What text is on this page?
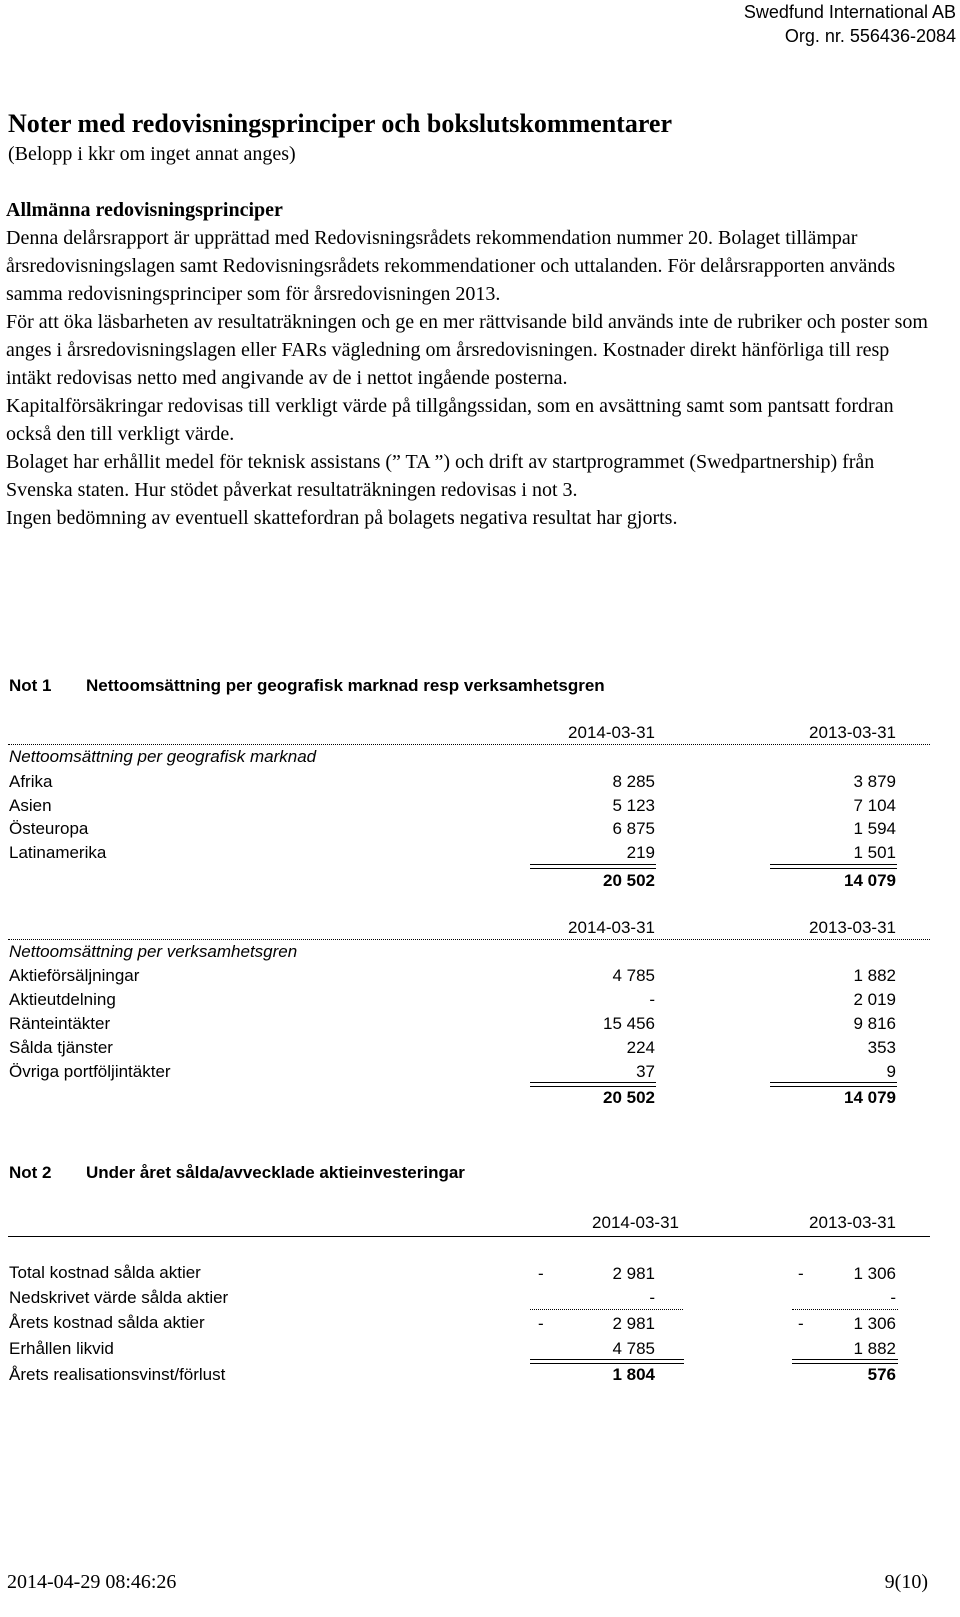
Swedfund International AB
Org. nr. 556436-2084
Noter med redovisningsprinciper och bokslutskommentarer
(Belopp i kkr om inget annat anges)

Allmänna redovisningsprinciper

Denna delårsrapport är upprättad med Redovisningsrådets rekommendation nummer 20. Bolaget tillämpar årsredovisningslagen samt Redovisningsrådets rekommendationer och uttalanden. För delårsrapporten används samma redovisningsprinciper som för årsredovisningen 2013.

För att öka läsbarheten av resultaträkningen och ge en mer rättvisande bild används inte de rubriker och poster som anges i årsredovisningslagen eller FARs vägledning om årsredovisningen. Kostnader direkt hänförliga till resp intäkt redovisas netto med angivande av de i nettot ingående posterna.

Kapitalförsäkringar redovisas till verkligt värde på tillgångssidan, som en avsättning samt som pantsatt fordran också den till verkligt värde.

Bolaget har erhållit medel för teknisk assistans (” TA ”) och drift av startprogrammet (Swedpartnership) från Svenska staten. Hur stödet påverkat resultaträkningen redovisas i not 3.

Ingen bedömning av eventuell skattefordran på bolagets negativa resultat har gjorts.

Not 1 Nettoomsättning per geografisk marknad resp verksamhetsgren
2014-03-31	2013-03-31
Nettoomsättning per geografisk marknad
Afrika	8 285	3 879
Asien	5 123	7 104
Östeuropa	6 875	1 594
Latinamerika	219	1 501
20 502	14 079
2014-03-31	2013-03-31
Nettoomsättning per verksamhetsgren
Aktieförsäljningar	4 785	1 882
Aktieutdelning	-	2 019
Ränteintäkter	15 456	9 816
Sålda tjänster	224	353
Övriga portföljintäkter	37	9
20 502	14 079
Not 2 Under året sålda/avvecklade aktieinvesteringar
2014-03-31	2013-03-31
Total kostnad sålda aktier	-	2 981	-	1 306
Nedskrivet värde sålda aktier	-	-
Årets kostnad sålda aktier	-	2 981	-	1 306
Erhållen likvid	4 785	1 882
Årets realisationsvinst/förlust	1 804	576
2014-04-29 08:46:26	9(10)
